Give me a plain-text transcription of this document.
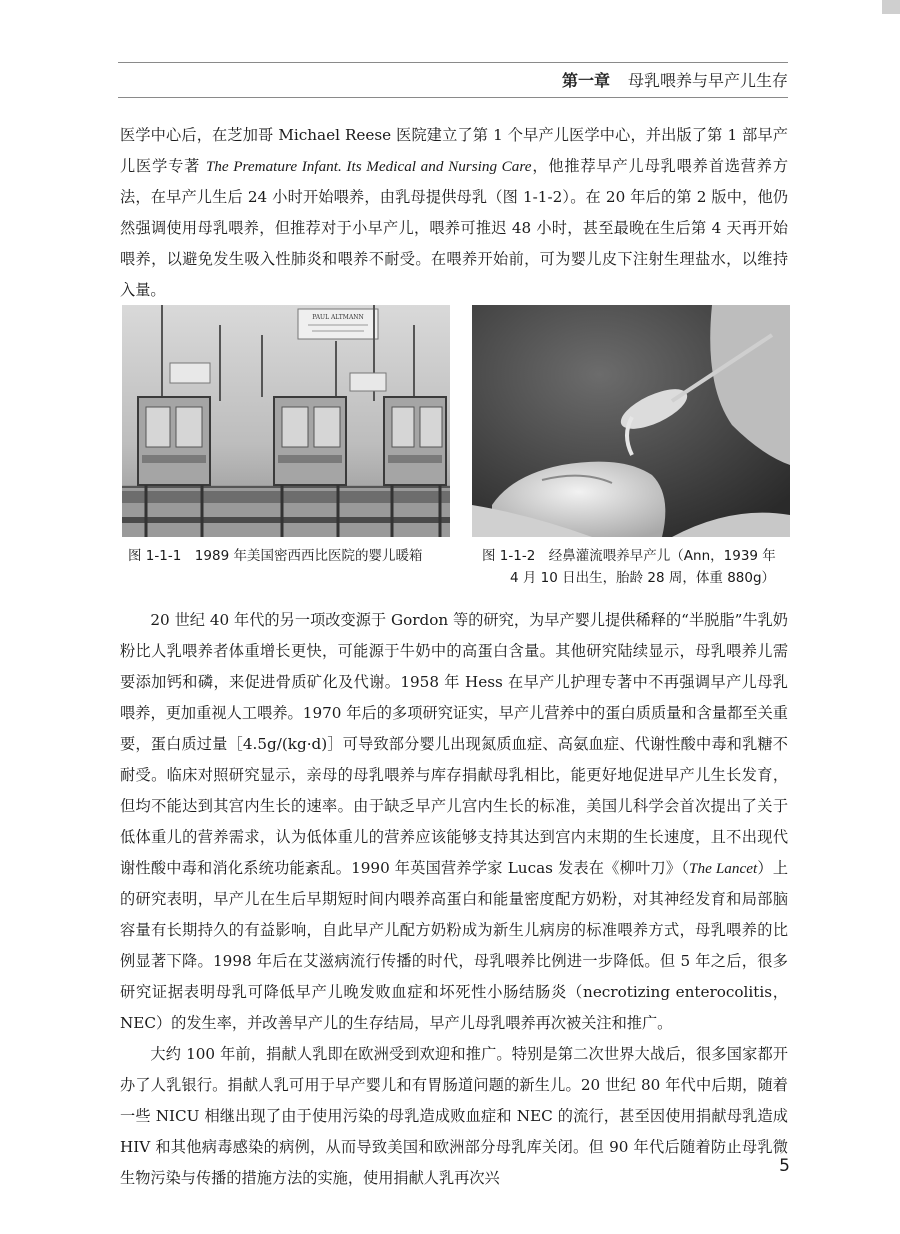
第一章 母乳喂养与早产儿生存

医学中心后，在芝加哥 Michael Reese 医院建立了第 1 个早产儿医学中心，并出版了第 1 部早产儿医学专著 The Premature Infant. Its Medical and Nursing Care，他推荐早产儿母乳喂养首选营养方法，在早产儿生后 24 小时开始喂养，由乳母提供母乳（图 1-1-2）。在 20 年后的第 2 版中，他仍然强调使用母乳喂养，但推荐对于小早产儿，喂养可推迟 48 小时，甚至最晚在生后第 4 天再开始喂养，以避免发生吸入性肺炎和喂养不耐受。在喂养开始前，可为婴儿皮下注射生理盐水，以维持入量。

PAUL ALTMANN
图 1-1-1　1989 年美国密西西比医院的婴儿暖箱	图 1-1-2　经鼻灌流喂养早产儿（Ann，1939 年
4 月 10 日出生，胎龄 28 周，体重 880g）

20 世纪 40 年代的另一项改变源于 Gordon 等的研究，为早产婴儿提供稀释的“半脱脂”牛乳奶粉比人乳喂养者体重增长更快，可能源于牛奶中的高蛋白含量。其他研究陆续显示，母乳喂养儿需要添加钙和磷，来促进骨质矿化及代谢。1958 年 Hess 在早产儿护理专著中不再强调早产儿母乳喂养，更加重视人工喂养。1970 年后的多项研究证实，早产儿营养中的蛋白质质量和含量都至关重要，蛋白质过量［4.5g/(kg·d)］可导致部分婴儿出现氮质血症、高氨血症、代谢性酸中毒和乳糖不耐受。临床对照研究显示，亲母的母乳喂养与库存捐献母乳相比，能更好地促进早产儿生长发育，但均不能达到其宫内生长的速率。由于缺乏早产儿宫内生长的标准，美国儿科学会首次提出了关于低体重儿的营养需求，认为低体重儿的营养应该能够支持其达到宫内末期的生长速度，且不出现代谢性酸中毒和消化系统功能紊乱。1990 年英国营养学家 Lucas 发表在《柳叶刀》（The Lancet）上的研究表明，早产儿在生后早期短时间内喂养高蛋白和能量密度配方奶粉，对其神经发育和局部脑容量有长期持久的有益影响，自此早产儿配方奶粉成为新生儿病房的标准喂养方式，母乳喂养的比例显著下降。1998 年后在艾滋病流行传播的时代，母乳喂养比例进一步降低。但 5 年之后，很多研究证据表明母乳可降低早产儿晚发败血症和坏死性小肠结肠炎（necrotizing enterocolitis，NEC）的发生率，并改善早产儿的生存结局，早产儿母乳喂养再次被关注和推广。

大约 100 年前，捐献人乳即在欧洲受到欢迎和推广。特别是第二次世界大战后，很多国家都开办了人乳银行。捐献人乳可用于早产婴儿和有胃肠道问题的新生儿。20 世纪 80 年代中后期，随着一些 NICU 相继出现了由于使用污染的母乳造成败血症和 NEC 的流行，甚至因使用捐献母乳造成 HIV 和其他病毒感染的病例，从而导致美国和欧洲部分母乳库关闭。但 90 年代后随着防止母乳微生物污染与传播的措施方法的实施，使用捐献人乳再次兴

5
